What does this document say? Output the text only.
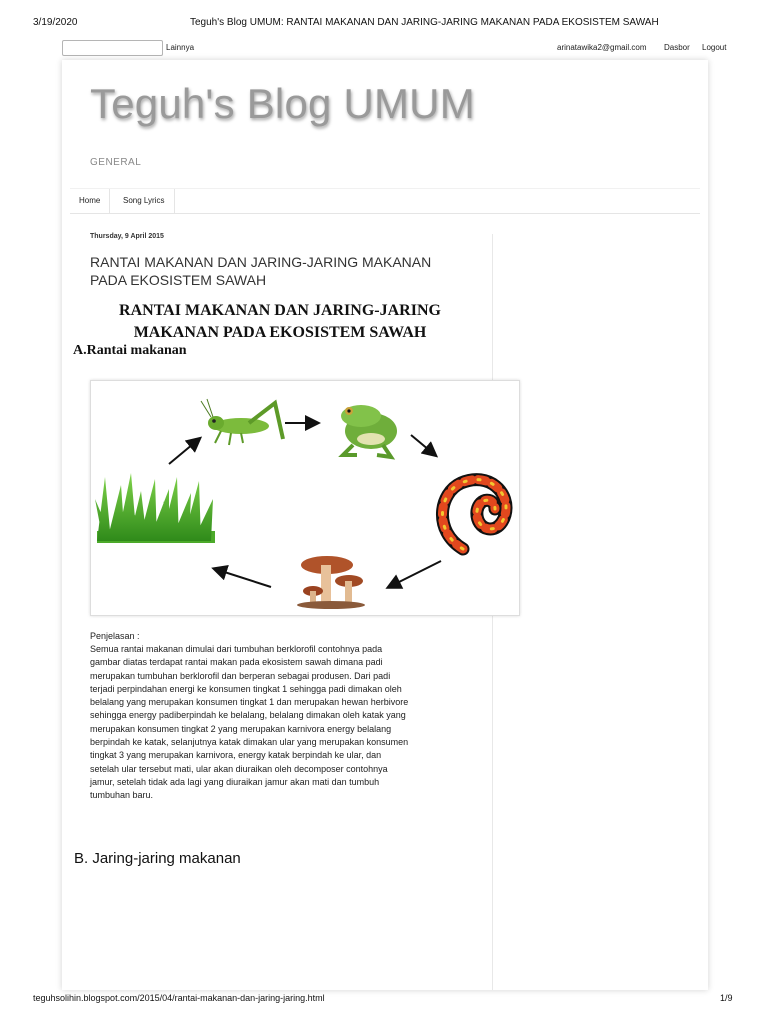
3/19/2020	Teguh's Blog UMUM: RANTAI MAKANAN DAN JARING-JARING MAKANAN PADA EKOSISTEM SAWAH
Lainnya	arinatawika2@gmail.com Dasbor Logout
Teguh's Blog UMUM
GENERAL
Home	Song Lyrics
Thursday, 9 April 2015
RANTAI MAKANAN DAN JARING-JARING MAKANAN PADA EKOSISTEM SAWAH
RANTAI MAKANAN DAN JARING-JARING MAKANAN PADA EKOSISTEM SAWAH
A.Rantai makanan
Penjelasan :
Semua rantai makanan dimulai dari tumbuhan berklorofil contohnya pada
gambar diatas terdapat rantai makan pada ekosistem sawah dimana padi
merupakan tumbuhan berklorofil dan berperan sebagai produsen. Dari padi
terjadi perpindahan energi ke konsumen tingkat 1 sehingga padi dimakan oleh
belalang yang merupakan konsumen tingkat 1 dan merupakan hewan herbivore
sehingga energy padiberpindah ke belalang, belalang dimakan oleh katak yang
merupakan konsumen tingkat 2 yang merupakan karnivora energy belalang
berpindah ke katak, selanjutnya katak dimakan ular yang merupakan konsumen
tingkat 3 yang merupakan karnivora, energy katak berpindah ke ular, dan
setelah ular tersebut mati, ular akan diuraikan oleh decomposer contohnya
jamur, setelah tidak ada lagi yang diuraikan jamur akan mati dan tumbuh
tumbuhan baru.
B. Jaring-jaring makanan
teguhsolihin.blogspot.com/2015/04/rantai-makanan-dan-jaring-jaring.html	1/9
